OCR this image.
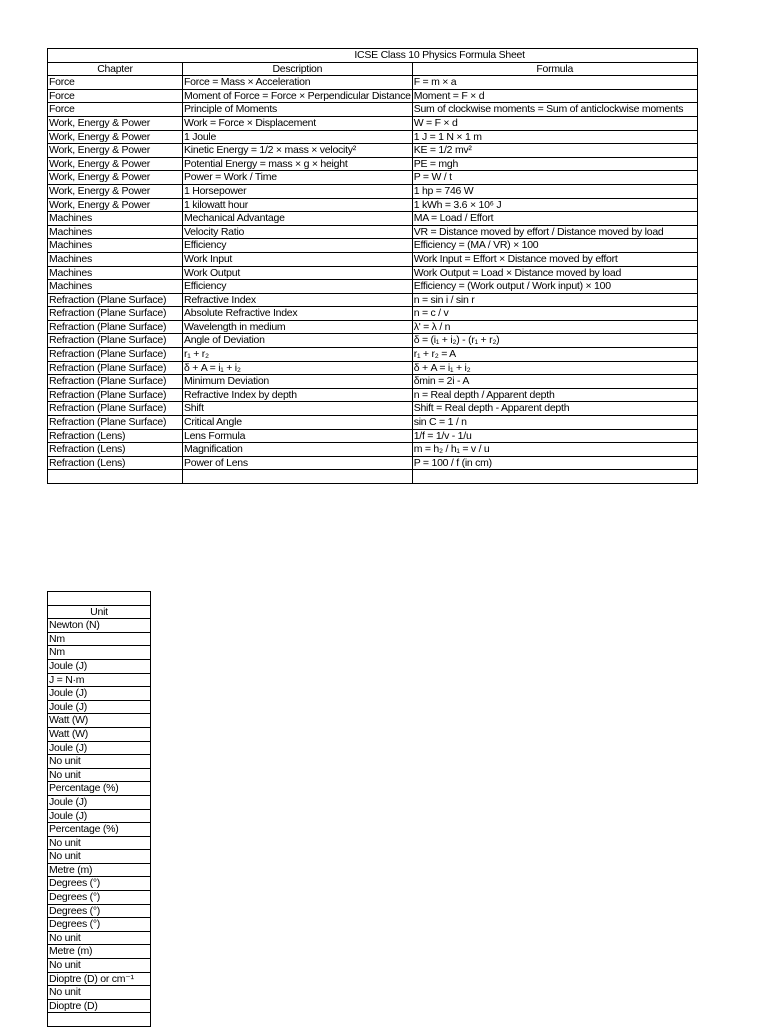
	ICSE Class 10 Physics Formula Sheet	
Chapter	Description	Formula
Force	Force = Mass × Acceleration	F = m × a
Force	Moment of Force = Force × Perpendicular Distance	Moment = F × d
Force	Principle of Moments	Sum of clockwise moments = Sum of anticlockwise moments
Work, Energy & Power	Work = Force × Displacement	W = F × d
Work, Energy & Power	1 Joule	1 J = 1 N × 1 m
Work, Energy & Power	Kinetic Energy = 1/2 × mass × velocity²	KE = 1/2 mv²
Work, Energy & Power	Potential Energy = mass × g × height	PE = mgh
Work, Energy & Power	Power = Work / Time	P = W / t
Work, Energy & Power	1 Horsepower	1 hp = 746 W
Work, Energy & Power	1 kilowatt hour	1 kWh = 3.6 × 10⁶ J
Machines	Mechanical Advantage	MA = Load / Effort
Machines	Velocity Ratio	VR = Distance moved by effort / Distance moved by load
Machines	Efficiency	Efficiency = (MA / VR) × 100
Machines	Work Input	Work Input = Effort × Distance moved by effort
Machines	Work Output	Work Output = Load × Distance moved by load
Machines	Efficiency	Efficiency = (Work output / Work input) × 100
Refraction (Plane Surface)	Refractive Index	n = sin i / sin r
Refraction (Plane Surface)	Absolute Refractive Index	n = c / v
Refraction (Plane Surface)	Wavelength in medium	λ' = λ / n
Refraction (Plane Surface)	Angle of Deviation	δ = (i₁ + i₂) - (r₁ + r₂)
Refraction (Plane Surface)	r₁ + r₂	r₁ + r₂ = A
Refraction (Plane Surface)	δ + A = i₁ + i₂	δ + A = i₁ + i₂
Refraction (Plane Surface)	Minimum Deviation	δmin = 2i - A
Refraction (Plane Surface)	Refractive Index by depth	n = Real depth / Apparent depth
Refraction (Plane Surface)	Shift	Shift = Real depth - Apparent depth
Refraction (Plane Surface)	Critical Angle	sin C = 1 / n
Refraction (Lens)	Lens Formula	1/f = 1/v - 1/u
Refraction (Lens)	Magnification	m = h₂ / h₁ = v / u
Refraction (Lens)	Power of Lens	P = 100 / f (in cm)

Unit
Newton (N)
Nm
Nm
Joule (J)
J = N·m
Joule (J)
Joule (J)
Watt (W)
Watt (W)
Joule (J)
No unit
No unit
Percentage (%)
Joule (J)
Joule (J)
Percentage (%)
No unit
No unit
Metre (m)
Degrees (°)
Degrees (°)
Degrees (°)
Degrees (°)
No unit
Metre (m)
No unit
Dioptre (D) or cm⁻¹
No unit
Dioptre (D)
